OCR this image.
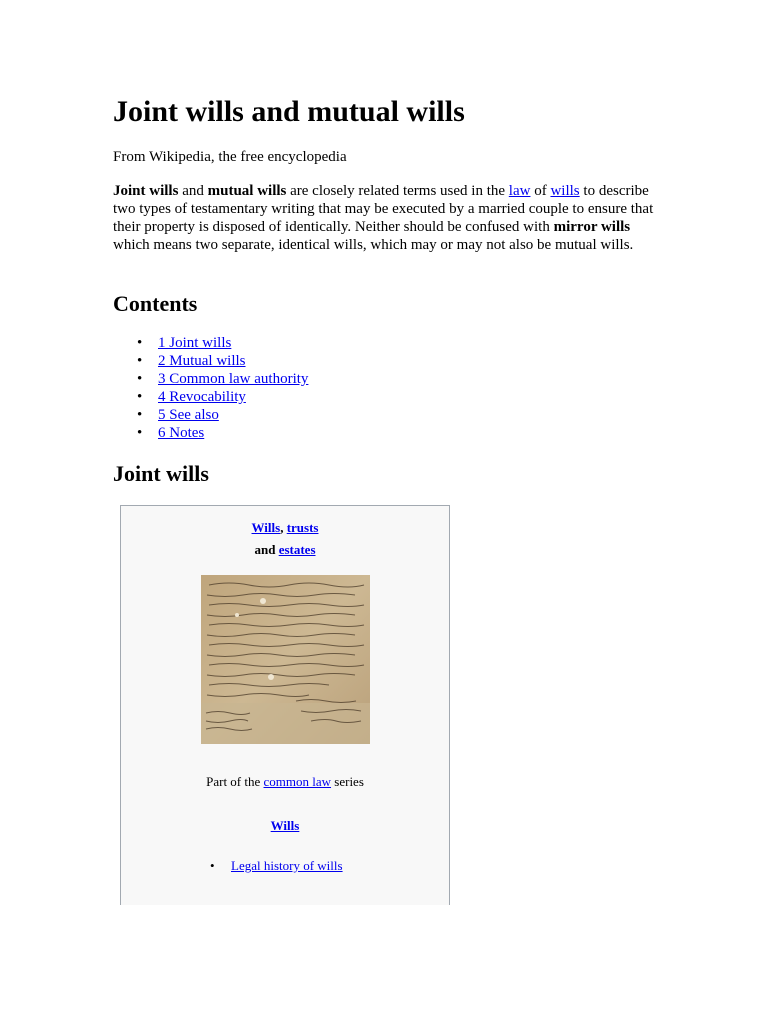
Joint wills and mutual wills

From Wikipedia, the free encyclopedia

Joint wills and mutual wills are closely related terms used in the law of wills to describe two types of testamentary writing that may be executed by a married couple to ensure that their property is disposed of identically. Neither should be confused with mirror wills which means two separate, identical wills, which may or may not also be mutual wills.

Contents
• 1 Joint wills
• 2 Mutual wills
• 3 Common law authority
• 4 Revocability
• 5 See also
• 6 Notes
Joint wills
Wills, trusts
and estates
Part of the common law series
Wills
• Legal history of wills
